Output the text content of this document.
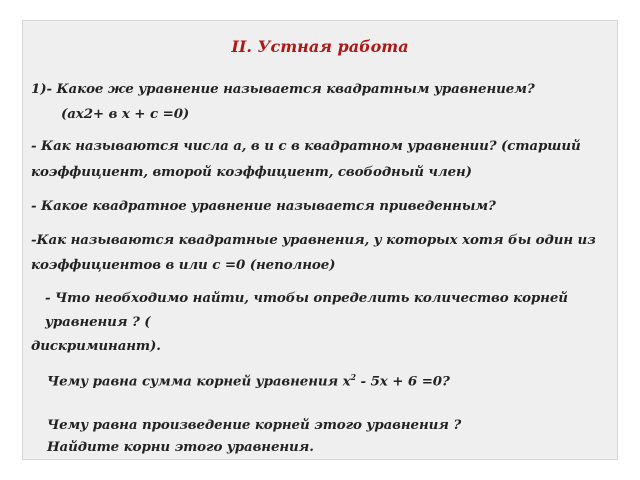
II. Устная работа
1)- Какое же уравнение называется квадратным уравнением?
(ax2+ в x + c =0)
- Как называются числа а, в и с в квадратном уравнении? (старший
коэффициент, второй коэффициент, свободный член)
- Какое квадратное уравнение называется приведенным?
-Как называются квадратные уравнения, у которых хотя бы один из
коэффициентов в или с =0 (неполное)
- Что необходимо найти, чтобы определить количество корней
уравнения ? (
дискриминант).
Чему равна сумма корней уравнения $x^2 - 5x + 6 =0$?
Чему равна произведение корней этого уравнения ?
Найдите корни этого уравнения.
